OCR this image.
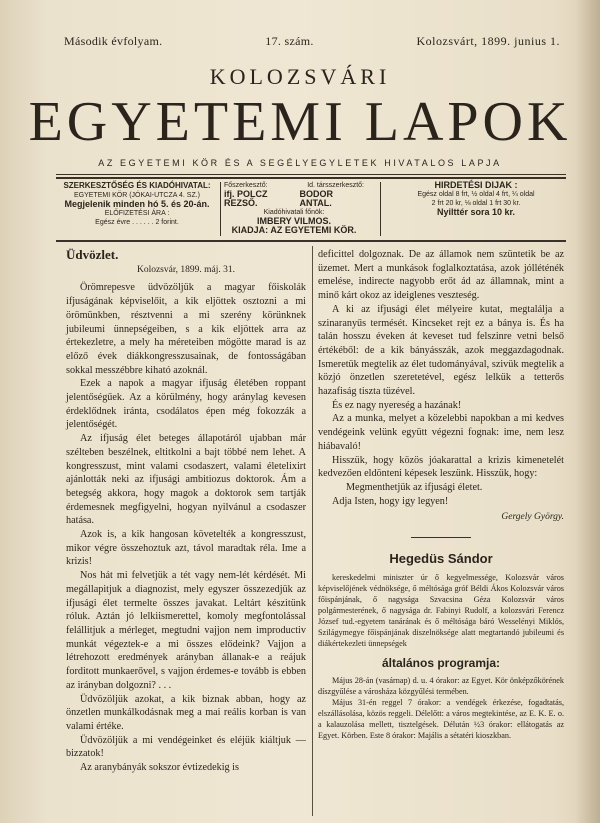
Második évfolyam.	17. szám.	Kolozsvárt, 1899. junius 1.
KOLOZSVÁRI
EGYETEMI LAPOK
AZ EGYETEMI KÖR ÉS A SEGÉLYEGYLETEK HIVATALOS LAPJA
SZERKESZTŐSÉG ÉS KIADÓHIVATAL:
EGYETEMI KÖR (JÓKAI-UTCZA 4. SZ.)
Megjelenik minden hó 5. és 20-án.
ELŐFIZETÉSI ÁRA :
Egész évre . . . . . . 2 forint.
Főszerkesztő:	Id. társszerkesztő:
ifj. POLCZ REZSŐ.
BODOR ANTAL.
Kiadóhivatali főnök:
IMBERY VILMOS.
KIADJA: AZ EGYETEMI KÖR.
HIRDETÉSI DIJAK :
Egész oldal 8 frt, ½ oldal 4 frt, ¼ oldal
2 frt 20 kr, ⅛ oldal 1 frt 30 kr.
Nyilttér sora 10 kr.
Üdvözlet.
Kolozsvár, 1899. máj. 31.

Örömrepesve üdvözöljük a magyar főiskolák ifjuságának képviselőit, a kik eljöttek osztozni a mi örömünkben, résztvenni a mi szerény körünknek jubileumi ünnepségeiben, s a kik eljöttek arra az értekezletre, a mely ha méreteiben mögötte marad is az előző évek diákkongresszusainak, de fontosságában sokkal messzébbre kiható azoknál.

Ezek a napok a magyar ifjuság életében roppant jelentőségűek. Az a körülmény, hogy aránylag kevesen érdeklődnek iránta, csodálatos épen még fokozzák a jelentőségét.

Az ifjuság élet beteges állapotáról ujabban már szélteben beszélnek, eltitkolni a bajt többé nem lehet. A kongresszust, mint valami csodaszert, valami életelixirt ajánlották neki az ifjusági ambitiozus doktorok. Ám a betegség akkora, hogy magok a doktorok sem tartják érdemesnek megfigyelni, hogyan nyilvánul a csodaszer hatása.

Azok is, a kik hangosan követelték a kongresszust, mikor végre összehoztuk azt, távol maradtak réla. Ime a krizis!

Nos hát mi felvetjük a tét vagy nem-lét kérdését. Mi megállapitjuk a diagnozist, mely egyszer összezedjük az ifjusági élet termelte összes javakat. Leltárt készitünk róluk. Aztán jó lelkiismerettel, komoly megfontolással felállitjuk a mérleget, megtudni vajjon nem improductiv munkát végeztek-e a mi összes elődeink? Vajjon a létrehozott eredmények arányban állanak-e a reájuk forditott munkaerővel, s vajjon érdemes-e tovább is ebben az irányban dolgozni? . . .

Üdvözöljük azokat, a kik biznak abban, hogy az önzetlen munkálkodásnak meg a mai reális korban is van valami értéke.

Üdvözöljük a mi vendégeinket és eléjük kiáltjuk — bizzatok!

Az aranybányák sokszor évtizedekig is

deficittel dolgoznak. De az államok nem szüntetik be az üzemet. Mert a munkások foglalkoztatása, azok jólléténék emelése, indirecte nagyobb erőt ád az államnak, mint a minő kárt okoz az ideiglenes veszteség.

A ki az ifjusági élet mélyeire kutat, megtalálja a szinaranyűs termését. Kincseket rejt ez a bánya is. És ha talán hosszu éveken át keveset tud felszinre vetni belső értékéből: de a kik bányásszák, azok meggazdagodnak. Ismeretük megtelik az élet tudományával, szivük megtelik a közjó önzetlen szeretetével, egész lelkük a tetterős hazafiság tiszta tüzével.

És ez nagy nyereség a hazának!

Az a munka, melyet a közelebbi napokban a mi kedves vendégeink velünk együtt végezni fognak: ime, nem lesz hiábavaló!

Hisszük, hogy közös jóakarattal a krizis kimenetelét kedvezően eldönteni képesek leszünk. Hisszük, hogy:

Megmenthetjük az ifjusági életet.

Adja Isten, hogy igy legyen!

Gergely György.
Hegedüs Sándor

kereskedelmi miniszter úr ő kegyelmessége, Kolozsvár város képviselőjének védnöksége, ő méltósága gróf Béldi Ákos Kolozsvár város főispánjának, ő nagysága Szvacsina Géza Kolozsvár város polgármesterének, ő nagysága dr. Fabinyi Rudolf, a kolozsvári Ferencz József tud.-egyetem tanárának és ő méltósága báró Wesselényi Miklós, Szilágymegye főispánjának diszelnöksége alatt megtartandó jubileumi és diákértekezleti ünnepségek

általános programja:

Május 28-án (vasárnap) d. u. 4 órakor: az Egyet. Kör önképzőkörének díszgyűlése a városháza közgyűlési termében.

Május 31-én reggel 7 órakor: a vendégek érkezése, fogadtatás, elszállásolása, közös reggeli. Délelőtt: a város megtekintése, az E. K. E. o. a kalauzolása mellett, tisztelgések. Délután ½3 órakor: ellátogatás az Egyet. Körben. Este 8 órakor: Majális a sétatéri kioszkban.
